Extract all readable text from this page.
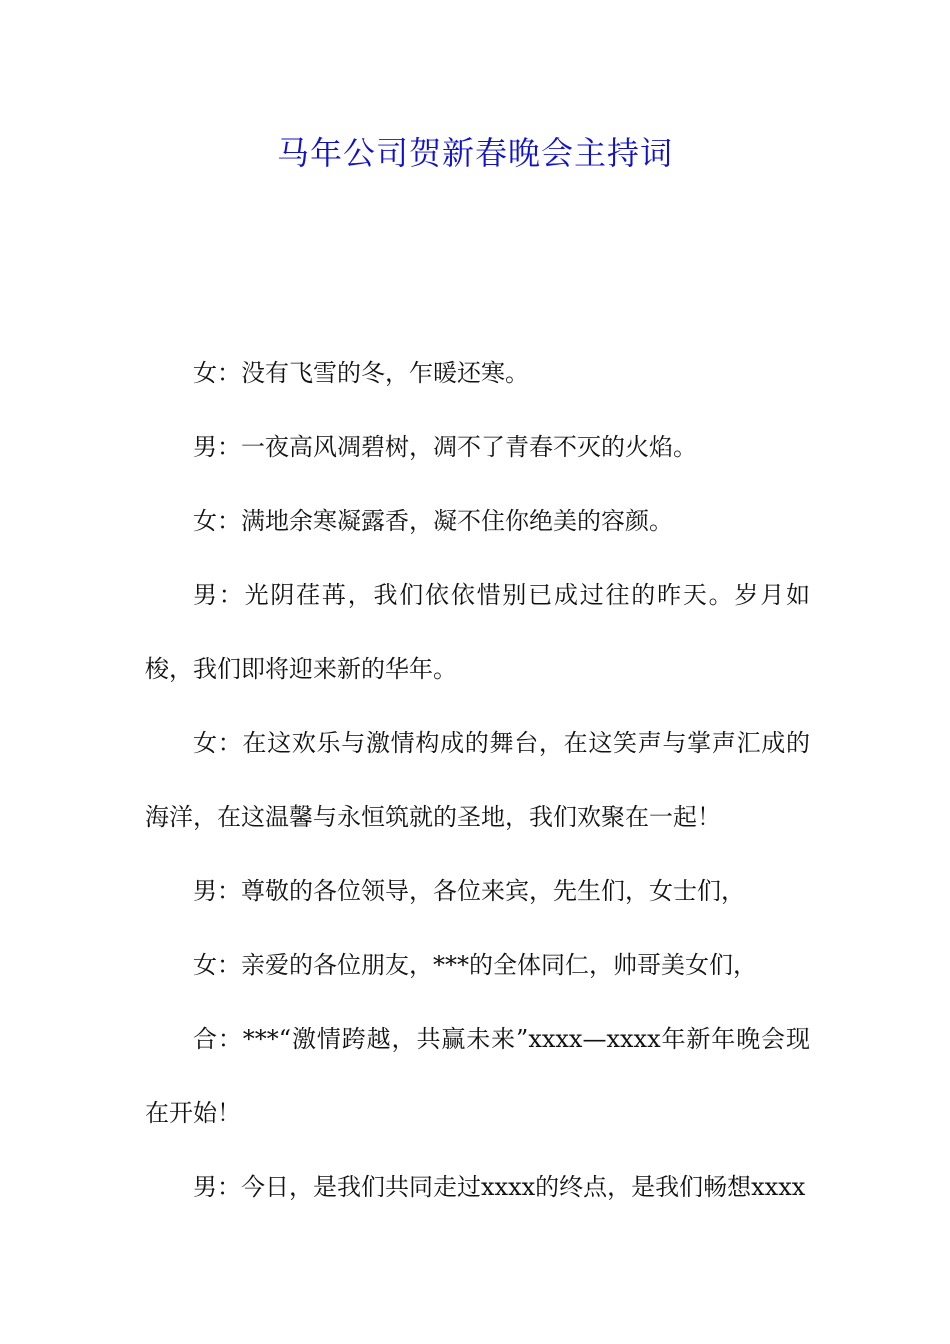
马年公司贺新春晚会主持词

女：没有飞雪的冬，乍暖还寒。

男：一夜高风凋碧树，凋不了青春不灭的火焰。

女：满地余寒凝露香，凝不住你绝美的容颜。

男：光阴荏苒，我们依依惜别已成过往的昨天。岁月如梭，我们即将迎来新的华年。

女：在这欢乐与激情构成的舞台，在这笑声与掌声汇成的海洋，在这温馨与永恒筑就的圣地，我们欢聚在一起！

男：尊敬的各位领导，各位来宾，先生们，女士们，

女：亲爱的各位朋友，***的全体同仁，帅哥美女们，

合：***“激情跨越，共赢未来”xxxx—xxxx年新年晚会现在开始！

男：今日，是我们共同走过xxxx的终点，是我们畅想xxxx
